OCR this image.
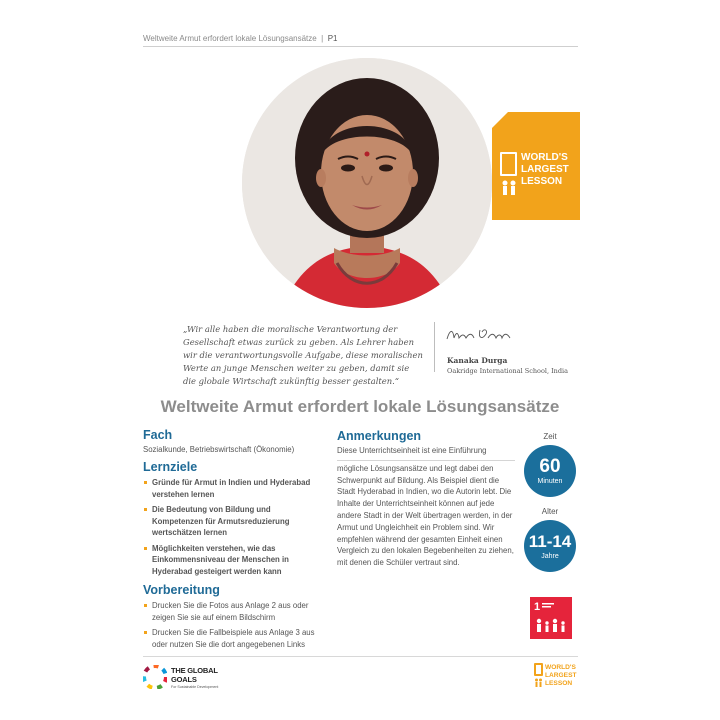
Weltweite Armut erfordert lokale Lösungsansätze  |  P1
WORLD'S
LARGEST
LESSON

„Wir alle haben die moralische Verantwortung der Gesellschaft etwas zurück zu geben. Als Lehrer haben wir die verantwortungsvolle Aufgabe, diese moralischen Werte an junge Menschen weiter zu geben, damit sie die globale Wirtschaft zukünftig besser gestalten.“

Kanaka Durga
Oakridge International School, India
Weltweite Armut erfordert lokale Lösungsansätze
Fach

Sozialkunde, Betriebswirtschaft (Ökonomie)

Lernziele
Gründe für Armut in Indien und Hyderabad verstehen lernen
Die Bedeutung von Bildung und Kompetenzen für Armutsreduzierung wertschätzen lernen
Möglichkeiten verstehen, wie das Einkommensniveau der Menschen in Hyderabad gesteigert werden kann
Vorbereitung
Drucken Sie die Fotos aus Anlage 2 aus oder zeigen Sie sie auf einem Bildschirm
Drucken Sie die Fallbeispiele aus Anlage 3 aus oder nutzen Sie die dort angegebenen Links
Anmerkungen

Diese Unterrichtseinheit ist eine Einführung

mögliche Lösungsansätze und legt dabei den Schwerpunkt auf Bildung. Als Beispiel dient die Stadt Hyderabad in Indien, wo die Autorin lebt. Die Inhalte der Unterrichtseinheit können auf jede andere Stadt in der Welt übertragen werden, in der Armut und Ungleichheit ein Problem sind. Wir empfehlen während der gesamten Einheit einen Vergleich zu den lokalen Begebenheiten zu ziehen, mit denen die Schüler vertraut sind.

Zeit
60
Minuten
Alter
11-14
Jahre
1
THE GLOBAL GOALS
For Sustainable Development
WORLD'S
LARGEST
LESSON
